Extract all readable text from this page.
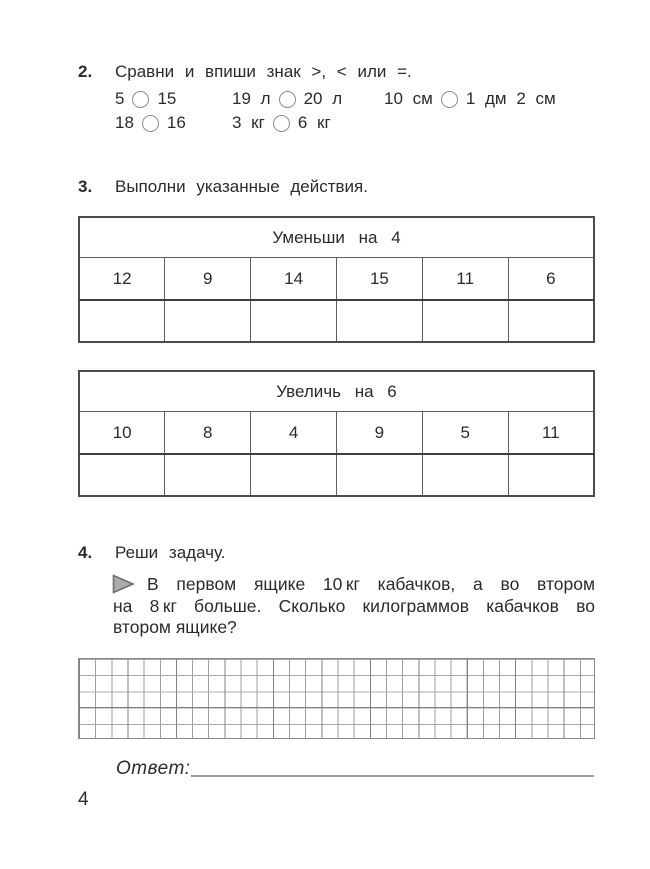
2. Сравни и впиши знак >, < или =.
5 15	19 л 20 л 10 см 1 дм 2 см
18 16	3 кг 6 кг
3. Выполни указанные действия.
Уменьши на 4					
12	9	14	15	11	6

Увеличь на 6					
10	8	4	9	5	11

4. Реши задачу.
В первом ящике 10 кг кабачков, а во втором
на 8 кг больше. Сколько килограммов кабачков во
втором ящике?
Ответ:
4
